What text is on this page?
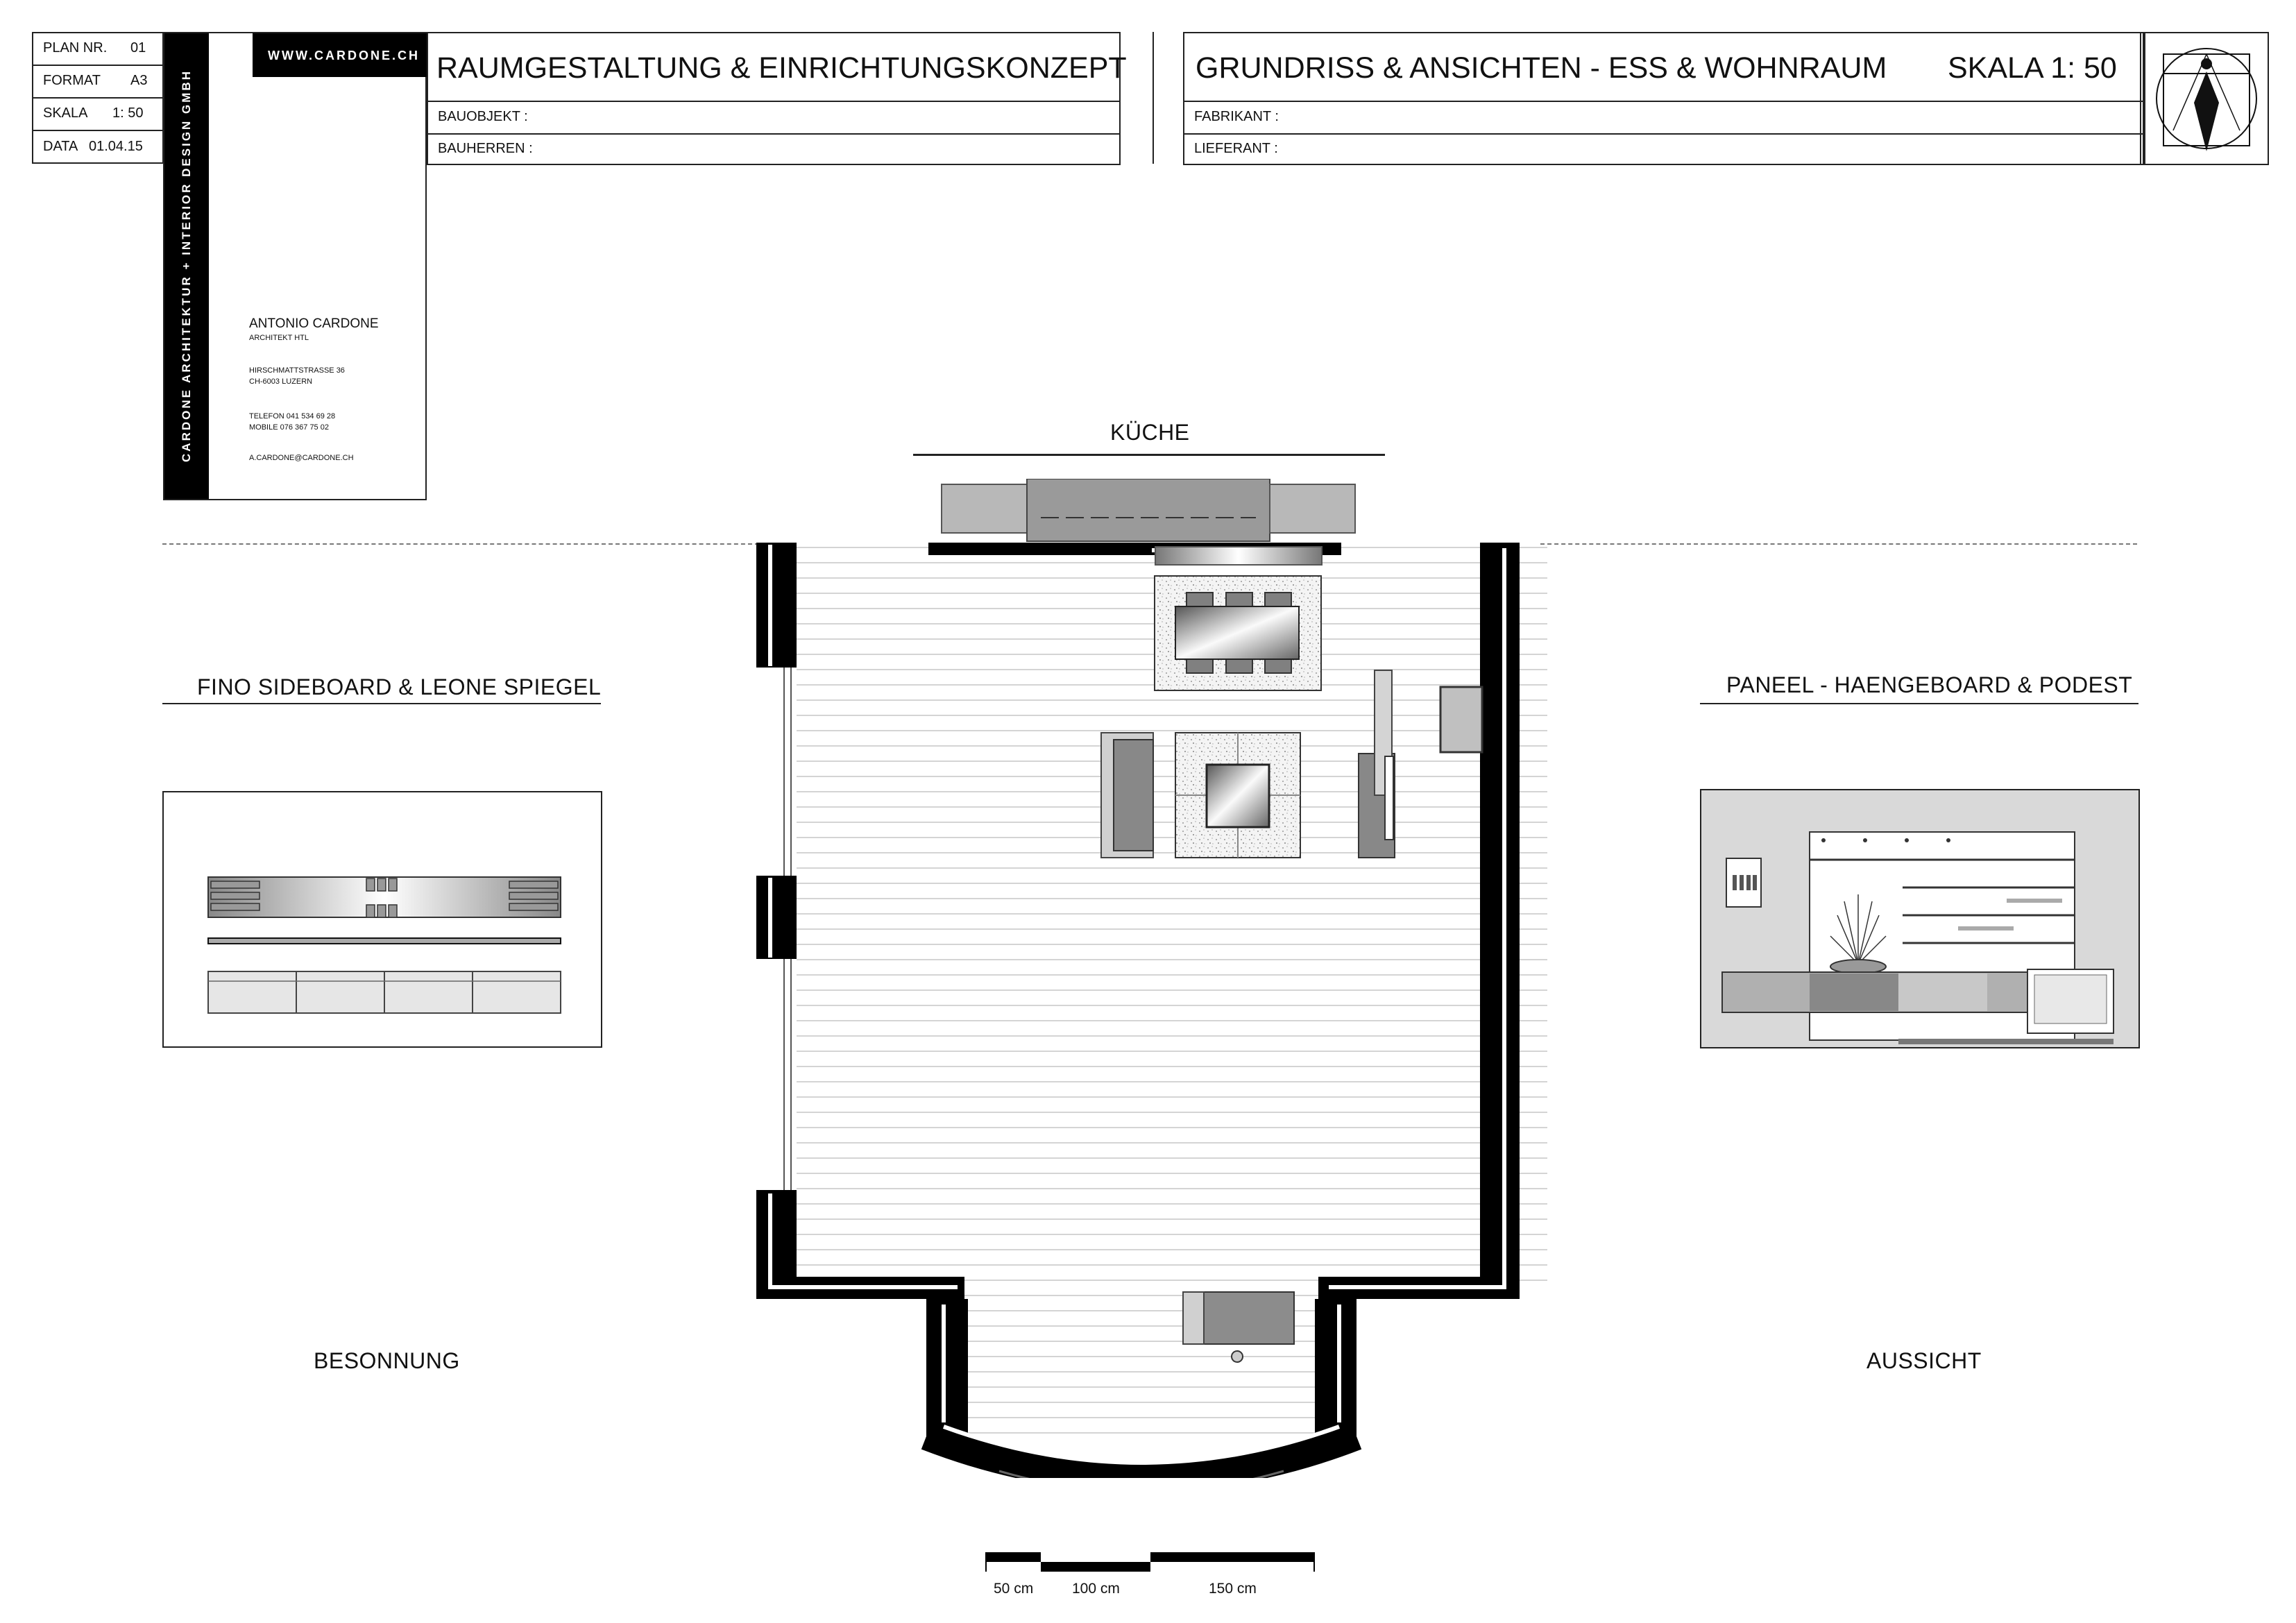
PLAN NR. 01
FORMAT A3
SKALA 1: 50
DATA 01.04.15	CARDONE ARCHITEKTUR + INTERIOR DESIGN GMBH
WWW.CARDONE.CH
ANTONIO CARDONE
ARCHITEKT HTL
HIRSCHMATTSTRASSE 36
CH-6003 LUZERN
TELEFON 041 534 69 28
MOBILE 076 367 75 02
A.CARDONE@CARDONE.CH
RAUMGESTALTUNG & EINRICHTUNGSKONZEPT
BAUOBJEKT :
BAUHERREN :
GRUNDRISS & ANSICHTEN - ESS & WOHNRAUM SKALA 1: 50
FABRIKANT :
LIEFERANT :
KÜCHE
FINO SIDEBOARD & LEONE SPIEGEL	PANEEL - HAENGEBOARD & PODEST
BESONNUNG	AUSSICHT
50 cm	100 cm	150 cm
